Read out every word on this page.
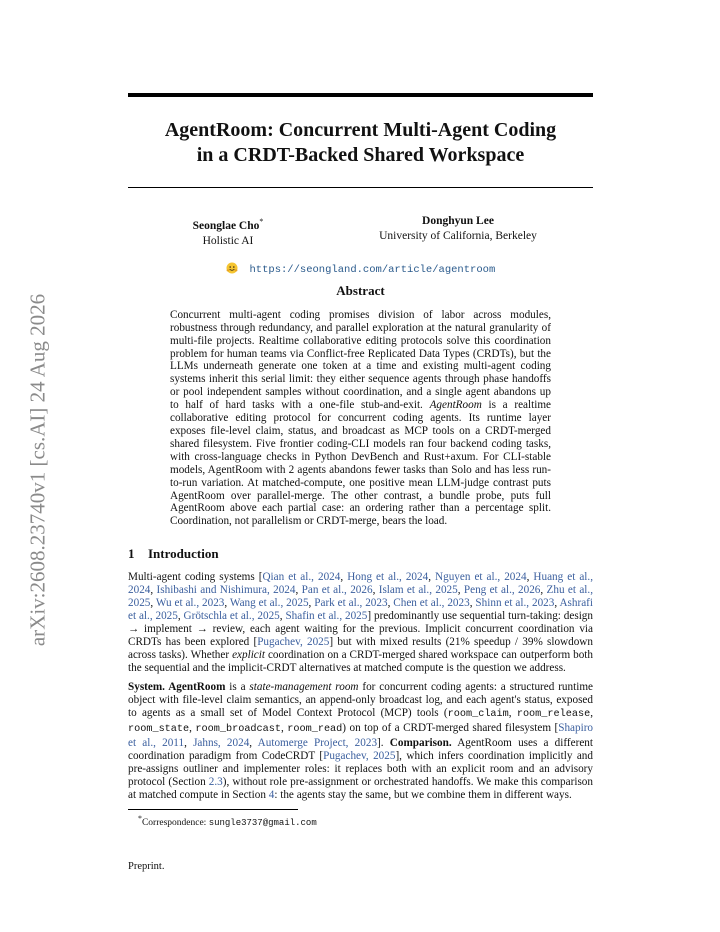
arXiv:2608.23740v1 [cs.AI] 24 Aug 2026
AgentRoom: Concurrent Multi-Agent Coding
in a CRDT-Backed Shared Workspace
Seonglae Cho*
Holistic AI
Donghyun Lee
University of California, Berkeley
https://seongland.com/article/agentroom
Abstract
Concurrent multi-agent coding promises division of labor across modules, robustness through redundancy, and parallel exploration at the natural granularity of multi-file projects. Realtime collaborative editing protocols solve this coordination problem for human teams via Conflict-free Replicated Data Types (CRDTs), but the LLMs underneath generate one token at a time and existing multi-agent coding systems inherit this serial limit: they either sequence agents through phase handoffs or pool independent samples without coordination, and a single agent abandons up to half of hard tasks with a one-file stub-and-exit. AgentRoom is a realtime collaborative editing protocol for concurrent coding agents. Its runtime layer exposes file-level claim, status, and broadcast as MCP tools on a CRDT-merged shared filesystem. Five frontier coding-CLI models ran four backend coding tasks, with cross-language checks in Python DevBench and Rust+axum. For CLI-stable models, AgentRoom with 2 agents abandons fewer tasks than Solo and has less run-to-run variation. At matched-compute, one positive mean LLM-judge contrast puts AgentRoom over parallel-merge. The other contrast, a bundle probe, puts full AgentRoom above each partial case: an ordering rather than a percentage split. Coordination, not parallelism or CRDT-merge, bears the load.
1 Introduction
Multi-agent coding systems [Qian et al., 2024, Hong et al., 2024, Nguyen et al., 2024, Huang et al., 2024, Ishibashi and Nishimura, 2024, Pan et al., 2026, Islam et al., 2025, Peng et al., 2026, Zhu et al., 2025, Wu et al., 2023, Wang et al., 2025, Park et al., 2023, Chen et al., 2023, Shinn et al., 2023, Ashrafi et al., 2025, Grötschla et al., 2025, Shafin et al., 2025] predominantly use sequential turn-taking: design → implement → review, each agent waiting for the previous. Implicit concurrent coordination via CRDTs has been explored [Pugachev, 2025] but with mixed results (21% speedup / 39% slowdown across tasks). Whether explicit coordination on a CRDT-merged shared workspace can outperform both the sequential and the implicit-CRDT alternatives at matched compute is the question we address.
System. AgentRoom is a state-management room for concurrent coding agents: a structured runtime object with file-level claim semantics, an append-only broadcast log, and each agent's status, exposed to agents as a small set of Model Context Protocol (MCP) tools (room_claim, room_release, room_state, room_broadcast, room_read) on top of a CRDT-merged shared filesystem [Shapiro et al., 2011, Jahns, 2024, Automerge Project, 2023]. Comparison. AgentRoom uses a different coordination paradigm from CodeCRDT [Pugachev, 2025], which infers coordination implicitly and pre-assigns outliner and implementer roles: it replaces both with an explicit room and an advisory protocol (Section 2.3), without role pre-assignment or orchestrated handoffs. We make this comparison at matched compute in Section 4: the agents stay the same, but we combine them in different ways.
*Correspondence: sungle3737@gmail.com
Preprint.
